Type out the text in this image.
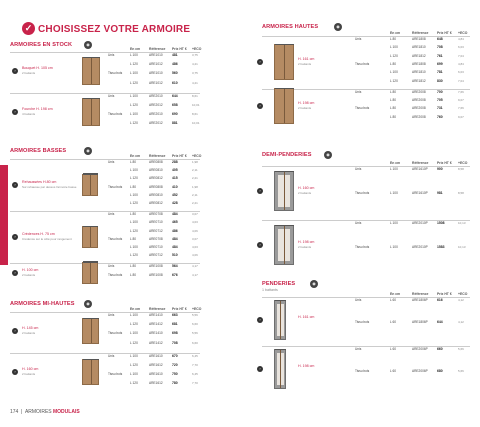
ESPACE COLLABORATION
✓ CHOISISSEZ VOTRE ARMOIRE
ARMOIRES EN STOCK	◉
En cm	Référence Prix HT € +ECO
›	Bouquet H. 105 cm
2 battants
Unis	L 100	ARE1010	481	3,75
L 120	ARE1012	486	4,21
Tissu bois L 100	ARE1010	560	3,75
L 120	ARE1012	610	4,21
›	Fourche H. 198 cm
4 battants
Unis	L 100	ARE2010	644	8,61
L 120	ARE2012	658	10,01
Tissu bois L 100	ARE2010	690	8,61
L 120	ARE2012	881	10,01
ARMOIRES BASSES	◉
En cm	Référence Prix HT € +ECO
›	Rehaussées H.80 cm
Sur rehausse par dessus l'armoire basse
Unis	L 80	ARE0808	288	1,98
L 100	ARE0810	405	2,11
L 120	ARE0812	415	2,21
Tissu bois L 80	ARE0808	410	1,98
L 100	ARE0810	452	2,11
L 120	ARE0812	428	2,21
›	Crédences H. 75 cm
Crédence sur le côté pour rangement
Unis	L 80	ARE0708	484	3,07
L 100	ARE0710	465	4,03
L 120	ARE0712	486	4,06
Tissu bois L 80	ARE0708	484	3,07
L 100	ARE0710	484	4,03
L 120	ARE0712	510	4,06
›	H. 100 cm
2 battants
Unis	L 80	ARE1008	564	4,17
Tissu bois L 80	ARE1008	676	4,17
ARMOIRES MI-HAUTES	◉
En cm	Référence Prix HT € +ECO
›	H. 145 cm
2 battants
Unis	L 100	ARE1410	663	5,56
L 120	ARE1412	681	6,60
Tissu bois L 100	ARE1410	698	5,56
L 120	ARE1412	708	6,60
›	H. 160 cm
2 battants
Unis	L 100	ARE1610	670	6,45
L 120	ARE1612	720	7,70
Tissu bois L 100	ARE1610	750	6,45
L 120	ARE1612	780	7,70
ARMOIRES HAUTES	◉
En cm	Référence	Prix HT € +ECO
›	H. 161 cm
2 battants
Unis	L 80	ARE1808	648	4,84
L 100	ARE1810	708	6,03
L 120	ARE1812	761	7,04
Tissu bois	L 80	ARE1808	699	4,84
L 100	ARE1810	781	6,03
L 120	ARE1812	830	7,04
›	H. 198 cm
2 battants
Unis	L 80	ARE2008	700	7,66
L 80	ARE2008	705	9,07
Tissu bois	L 80	ARE2008	731	7,66
L 80	ARE2008	760	9,07
DEMI-PENDERIES	◉
En cm	Référence	Prix HT € +ECO
›	H. 160 cm
2 battants
Unis	L 100	ARE1610P	900	8,58
Tissu bois	L 100	ARE1610P	981	8,58
›	H. 198 cm
2 battants
Unis	L 100	ARE2010P	1508	10,13
Tissu bois	L 100	ARE2010P	1583	10,13
PENDERIES	◉
1 battants
En cm	Référence	Prix HT € +ECO
›	H. 161 cm
Unis	L 60	ARE1806P	616	4,12
Tissu bois	L 60	ARE1806P	644	4,12
›	H. 198 cm
Unis	L 60	ARE2006P	660	5,66
Tissu bois	L 60	ARE2006P	680	5,66
174  |  ARMOIRES MODULAIS
